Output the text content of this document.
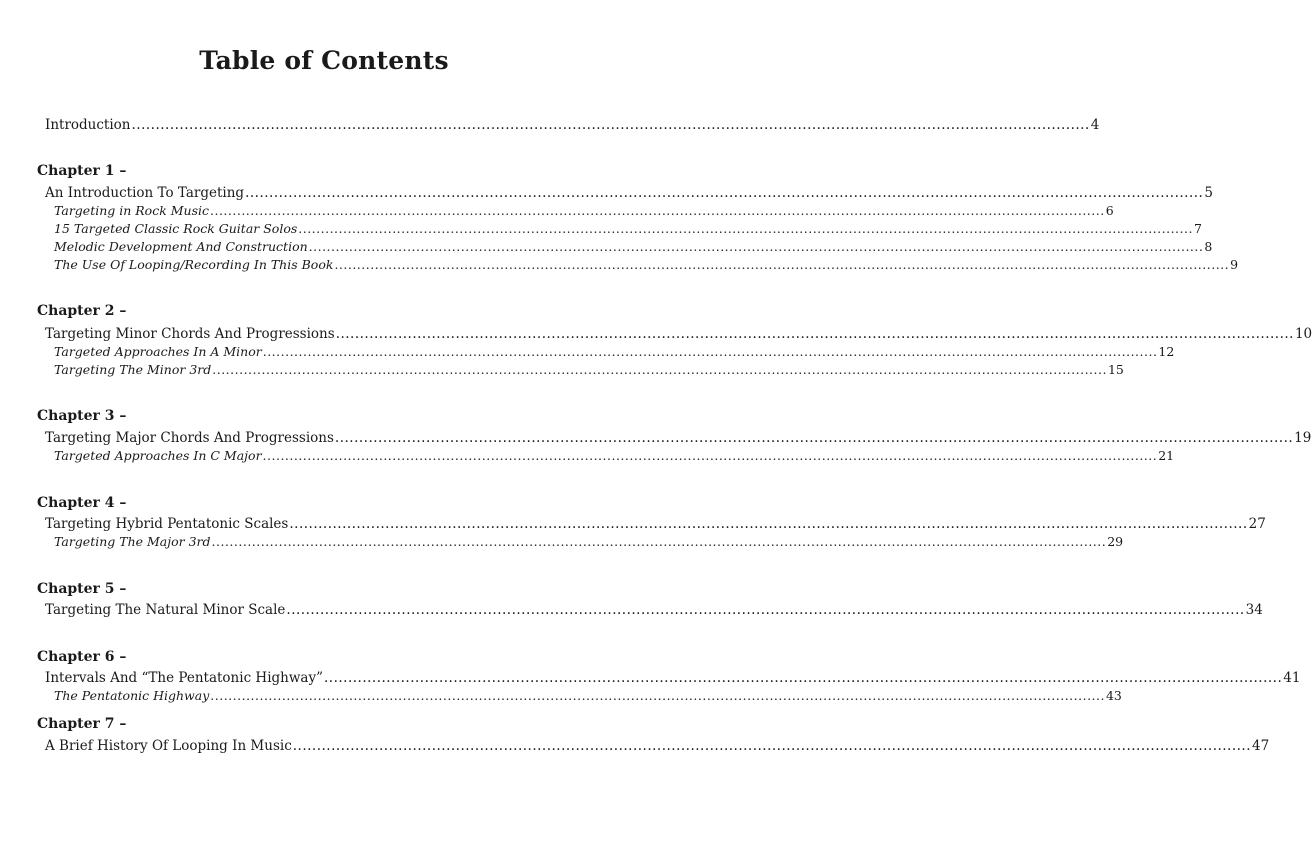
Table of Contents
Introduction ........................................................................................................................................................................................................ 4
Chapter 1 –
An Introduction To Targeting ........................................................................................................................................................................................................ 5
Targeting in Rock Music ........................................................................................................................................................................................................ 6
15 Targeted Classic Rock Guitar Solos ........................................................................................................................................................................................................ 7
Melodic Development And Construction ........................................................................................................................................................................................................ 8
The Use Of Looping/Recording In This Book ........................................................................................................................................................................................................ 9
Chapter 2 –
Targeting Minor Chords And Progressions ........................................................................................................................................................................................................ 10
Targeted Approaches In A Minor ........................................................................................................................................................................................................ 12
Targeting The Minor 3rd ........................................................................................................................................................................................................ 15
Chapter 3 –
Targeting Major Chords And Progressions ........................................................................................................................................................................................................ 19
Targeted Approaches In C Major ........................................................................................................................................................................................................ 21
Chapter 4 –
Targeting Hybrid Pentatonic Scales ........................................................................................................................................................................................................ 27
Targeting The Major 3rd ........................................................................................................................................................................................................ 29
Chapter 5 –
Targeting The Natural Minor Scale ........................................................................................................................................................................................................ 34
Chapter 6 –
Intervals And “The Pentatonic Highway” ........................................................................................................................................................................................................ 41
The Pentatonic Highway ........................................................................................................................................................................................................ 43
Chapter 7 –
A Brief History Of Looping In Music ........................................................................................................................................................................................................ 47
